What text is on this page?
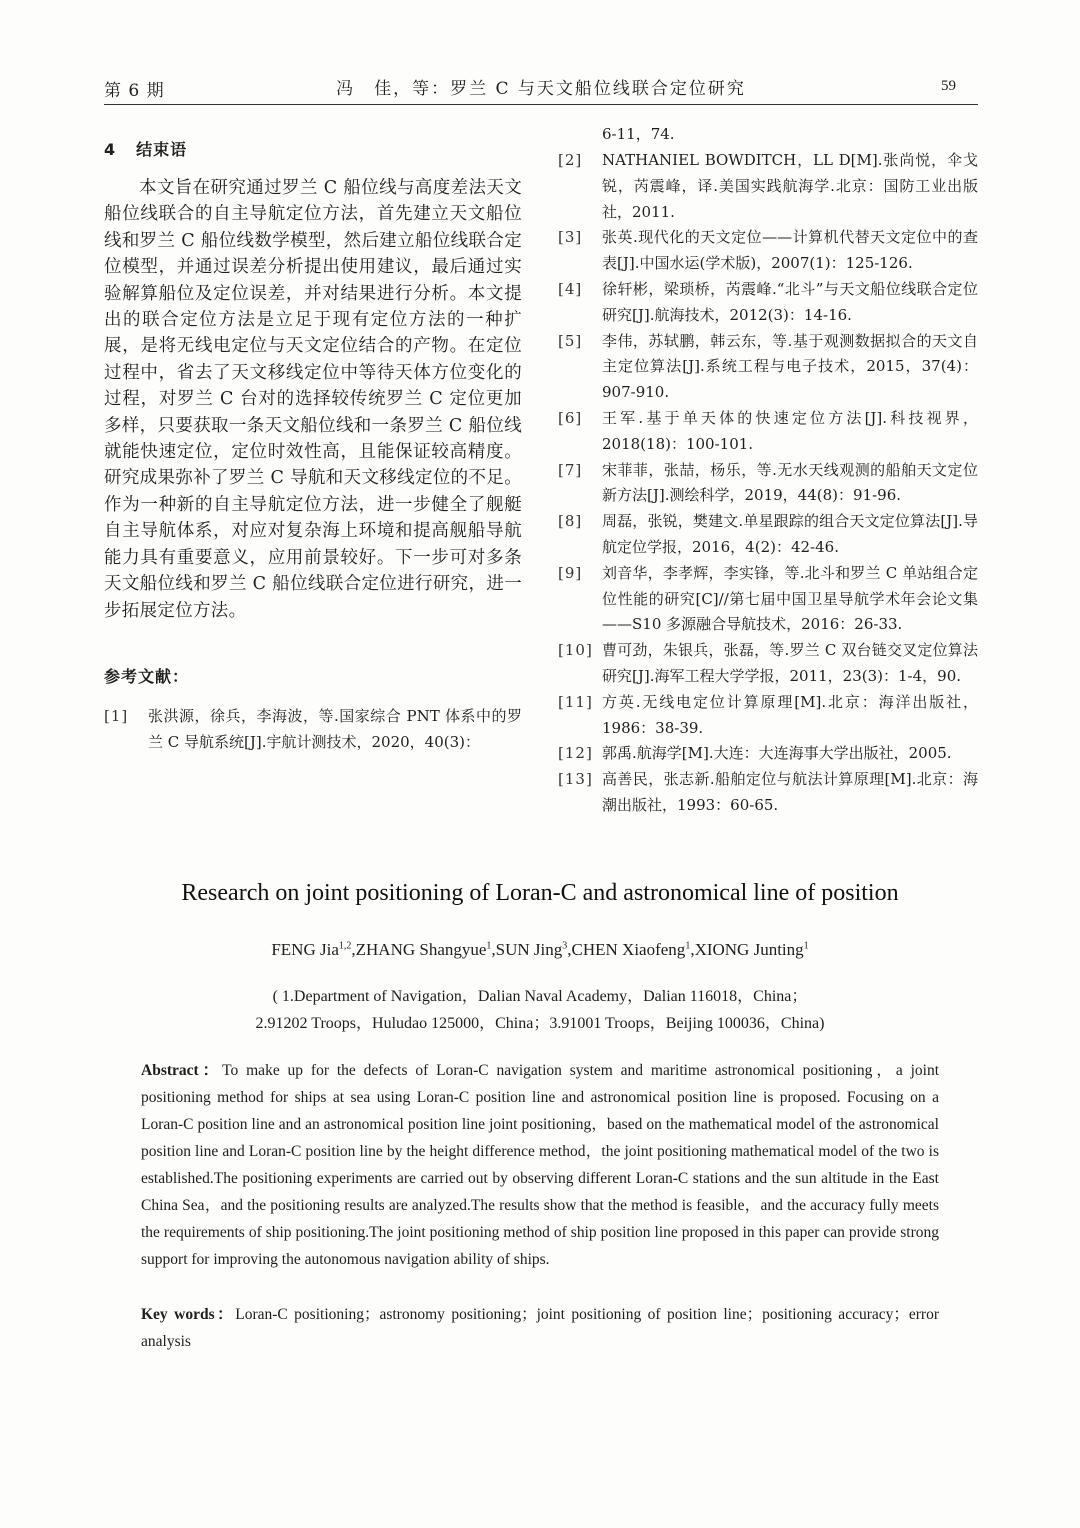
第 6 期	冯　佳，等：罗兰 C 与天文船位线联合定位研究	59
4 结束语

本文旨在研究通过罗兰 C 船位线与高度差法天文船位线联合的自主导航定位方法，首先建立天文船位线和罗兰 C 船位线数学模型，然后建立船位线联合定位模型，并通过误差分析提出使用建议，最后通过实验解算船位及定位误差，并对结果进行分析。本文提出的联合定位方法是立足于现有定位方法的一种扩展，是将无线电定位与天文定位结合的产物。在定位过程中，省去了天文移线定位中等待天体方位变化的过程，对罗兰 C 台对的选择较传统罗兰 C 定位更加多样，只要获取一条天文船位线和一条罗兰 C 船位线就能快速定位，定位时效性高，且能保证较高精度。研究成果弥补了罗兰 C 导航和天文移线定位的不足。作为一种新的自主导航定位方法，进一步健全了舰艇自主导航体系，对应对复杂海上环境和提高舰船导航能力具有重要意义，应用前景较好。下一步可对多条天文船位线和罗兰 C 船位线联合定位进行研究，进一步拓展定位方法。

参考文献：
[1]	张洪源，徐兵，李海波，等.国家综合 PNT 体系中的罗兰 C 导航系统[J].宇航计测技术，2020，40(3)：
6-11，74.
[2]	NATHANIEL BOWDITCH，LL D[M].张尚悦，伞戈锐，芮震峰，译.美国实践航海学.北京：国防工业出版社，2011.
[3]	张英.现代化的天文定位——计算机代替天文定位中的查表[J].中国水运(学术版)，2007(1)：125-126.
[4]	徐轩彬，梁琐桥，芮震峰.“北斗”与天文船位线联合定位研究[J].航海技术，2012(3)：14-16.
[5]	李伟，苏轼鹏，韩云东，等.基于观测数据拟合的天文自主定位算法[J].系统工程与电子技术，2015，37(4)：907-910.
[6]	王军.基于单天体的快速定位方法[J].科技视界，2018(18)：100-101.
[7]	宋菲菲，张喆，杨乐，等.无水天线观测的船舶天文定位新方法[J].测绘科学，2019，44(8)：91-96.
[8]	周磊，张锐，樊建文.单星跟踪的组合天文定位算法[J].导航定位学报，2016，4(2)：42-46.
[9]	刘音华，李孝辉，李实锋，等.北斗和罗兰 C 单站组合定位性能的研究[C]//第七届中国卫星导航学术年会论文集——S10 多源融合导航技术，2016：26-33.
[10] 曹可劲，朱银兵，张磊，等.罗兰 C 双台链交叉定位算法研究[J].海军工程大学学报，2011，23(3)：1-4，90.
[11] 方英.无线电定位计算原理[M].北京：海洋出版社，1986：38-39.
[12] 郭禹.航海学[M].大连：大连海事大学出版社，2005.
[13] 高善民，张志新.船舶定位与航法计算原理[M].北京：海潮出版社，1993：60-65.
Research on joint positioning of Loran-C and astronomical line of position

FENG Jia$^{1,2}$,ZHANG Shangyue$^1$,SUN Jing$^3$,CHEN Xiaofeng$^1$,XIONG Junting$^1$

( 1.Department of Navigation，Dalian Naval Academy，Dalian 116018，China；

2.91202 Troops，Huludao 125000，China；3.91001 Troops，Beijing 100036，China)

Abstract：To make up for the defects of Loran-C navigation system and maritime astronomical positioning，a joint positioning method for ships at sea using Loran-C position line and astronomical position line is proposed. Focusing on a Loran-C position line and an astronomical position line joint positioning，based on the mathematical model of the astronomical position line and Loran-C position line by the height difference method，the joint positioning mathematical model of the two is established.The positioning experiments are carried out by observing different Loran-C stations and the sun altitude in the East China Sea，and the positioning results are analyzed.The results show that the method is feasible，and the accuracy fully meets the requirements of ship positioning.The joint positioning method of ship position line proposed in this paper can provide strong support for improving the autonomous navigation ability of ships.

Key words：Loran-C positioning；astronomy positioning；joint positioning of position line；positioning accuracy；error analysis
